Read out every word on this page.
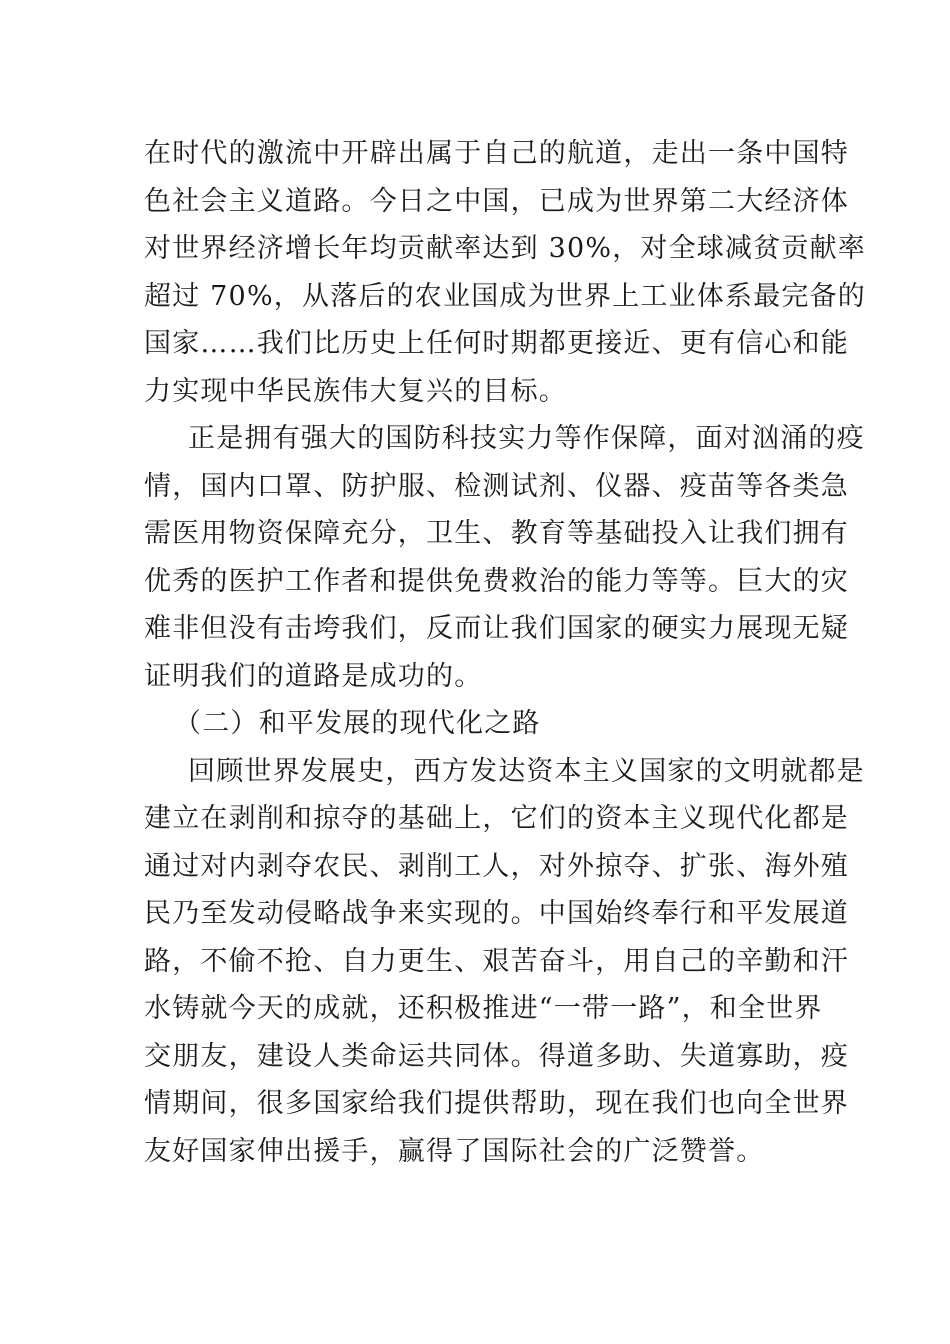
在时代的激流中开辟出属于自己的航道，走出一条中国特
色社会主义道路。今日之中国，已成为世界第二大经济体
对世界经济增长年均贡献率达到 30%，对全球减贫贡献率
超过 70%，从落后的农业国成为世界上工业体系最完备的
国家……我们比历史上任何时期都更接近、更有信心和能
力实现中华民族伟大复兴的目标。
正是拥有强大的国防科技实力等作保障，面对汹涌的疫
情，国内口罩、防护服、检测试剂、仪器、疫苗等各类急
需医用物资保障充分，卫生、教育等基础投入让我们拥有
优秀的医护工作者和提供免费救治的能力等等。巨大的灾
难非但没有击垮我们，反而让我们国家的硬实力展现无疑
证明我们的道路是成功的。
（二）和平发展的现代化之路
回顾世界发展史，西方发达资本主义国家的文明就都是
建立在剥削和掠夺的基础上，它们的资本主义现代化都是
通过对内剥夺农民、剥削工人，对外掠夺、扩张、海外殖
民乃至发动侵略战争来实现的。中国始终奉行和平发展道
路，不偷不抢、自力更生、艰苦奋斗，用自己的辛勤和汗
水铸就今天的成就，还积极推进“一带一路”，和全世界
交朋友，建设人类命运共同体。得道多助、失道寡助，疫
情期间，很多国家给我们提供帮助，现在我们也向全世界
友好国家伸出援手，赢得了国际社会的广泛赞誉。
